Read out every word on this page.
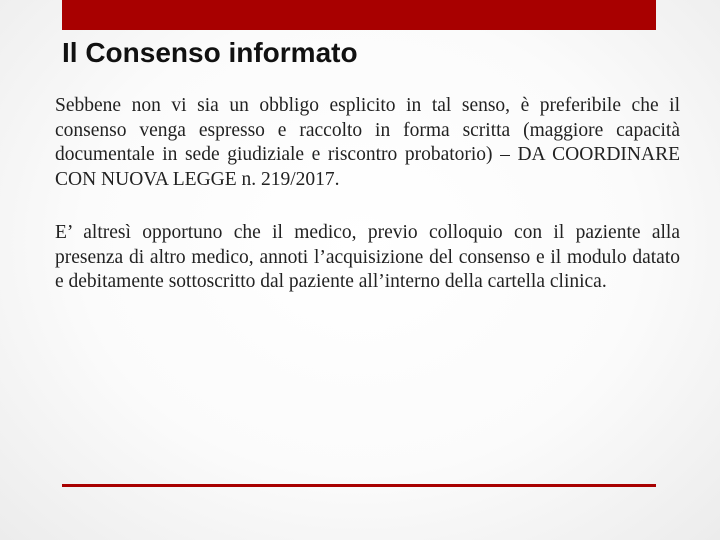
Il Consenso informato

Sebbene non vi sia un obbligo esplicito in tal senso, è preferibile che il consenso venga espresso e raccolto in forma scritta (maggiore capacità documentale in sede giudiziale e riscontro probatorio) – DA COORDINARE CON NUOVA LEGGE n. 219/2017.

E’ altresì opportuno che il medico, previo colloquio con il paziente alla presenza di altro medico, annoti l’acquisizione del consenso e il modulo datato e debitamente sottoscritto dal paziente all’interno della cartella clinica.
